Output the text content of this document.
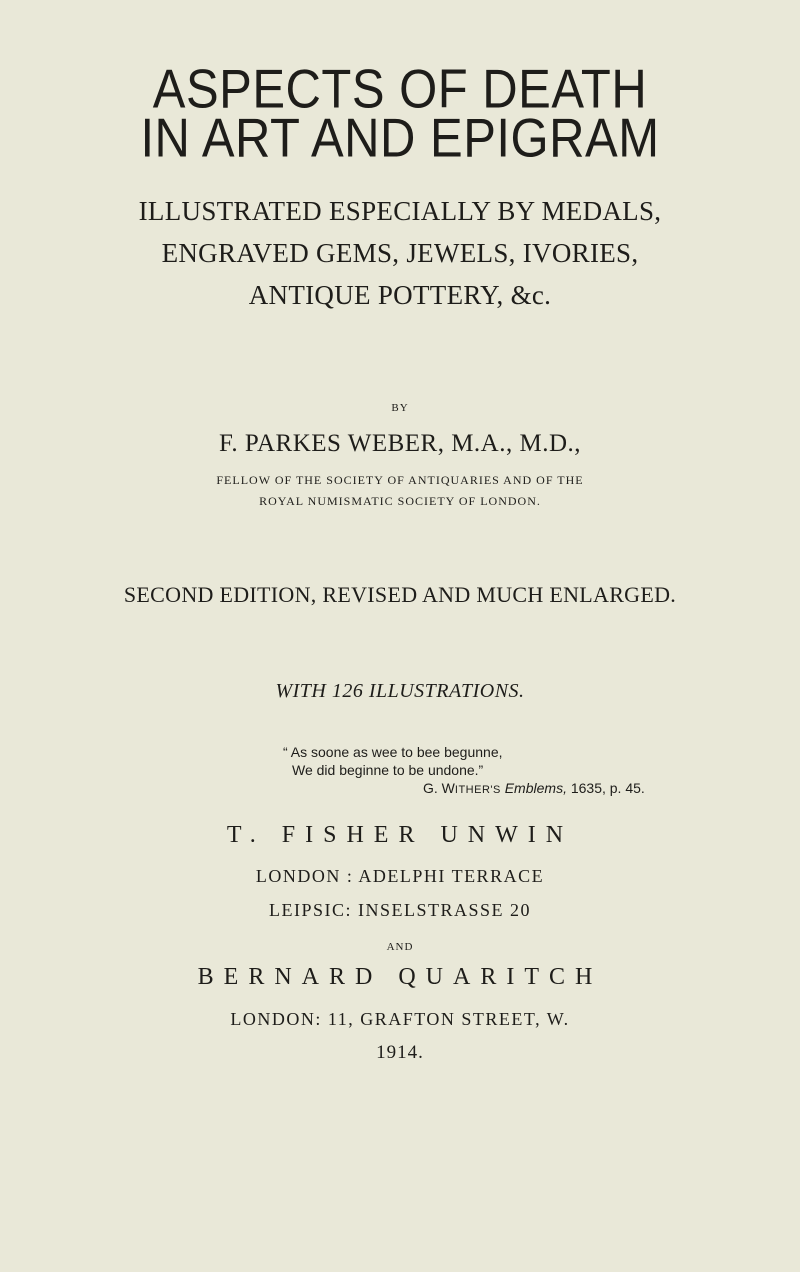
ASPECTS OF DEATH
IN ART AND EPIGRAM
ILLUSTRATED ESPECIALLY BY MEDALS,
ENGRAVED GEMS, JEWELS, IVORIES,
ANTIQUE POTTERY, &c.
BY
F. PARKES WEBER, M.A., M.D.,
FELLOW OF THE SOCIETY OF ANTIQUARIES AND OF THE
ROYAL NUMISMATIC SOCIETY OF LONDON.
SECOND EDITION, REVISED AND MUCH ENLARGED.
WITH 126 ILLUSTRATIONS.
“ As soone as wee to bee begunne,
We did beginne to be undone.”
G. WITHER'S Emblems, 1635, p. 45.
T. FISHER UNWIN
LONDON : ADELPHI TERRACE
LEIPSIC: INSELSTRASSE 20
AND
BERNARD QUARITCH
LONDON: 11, GRAFTON STREET, W.
1914.
